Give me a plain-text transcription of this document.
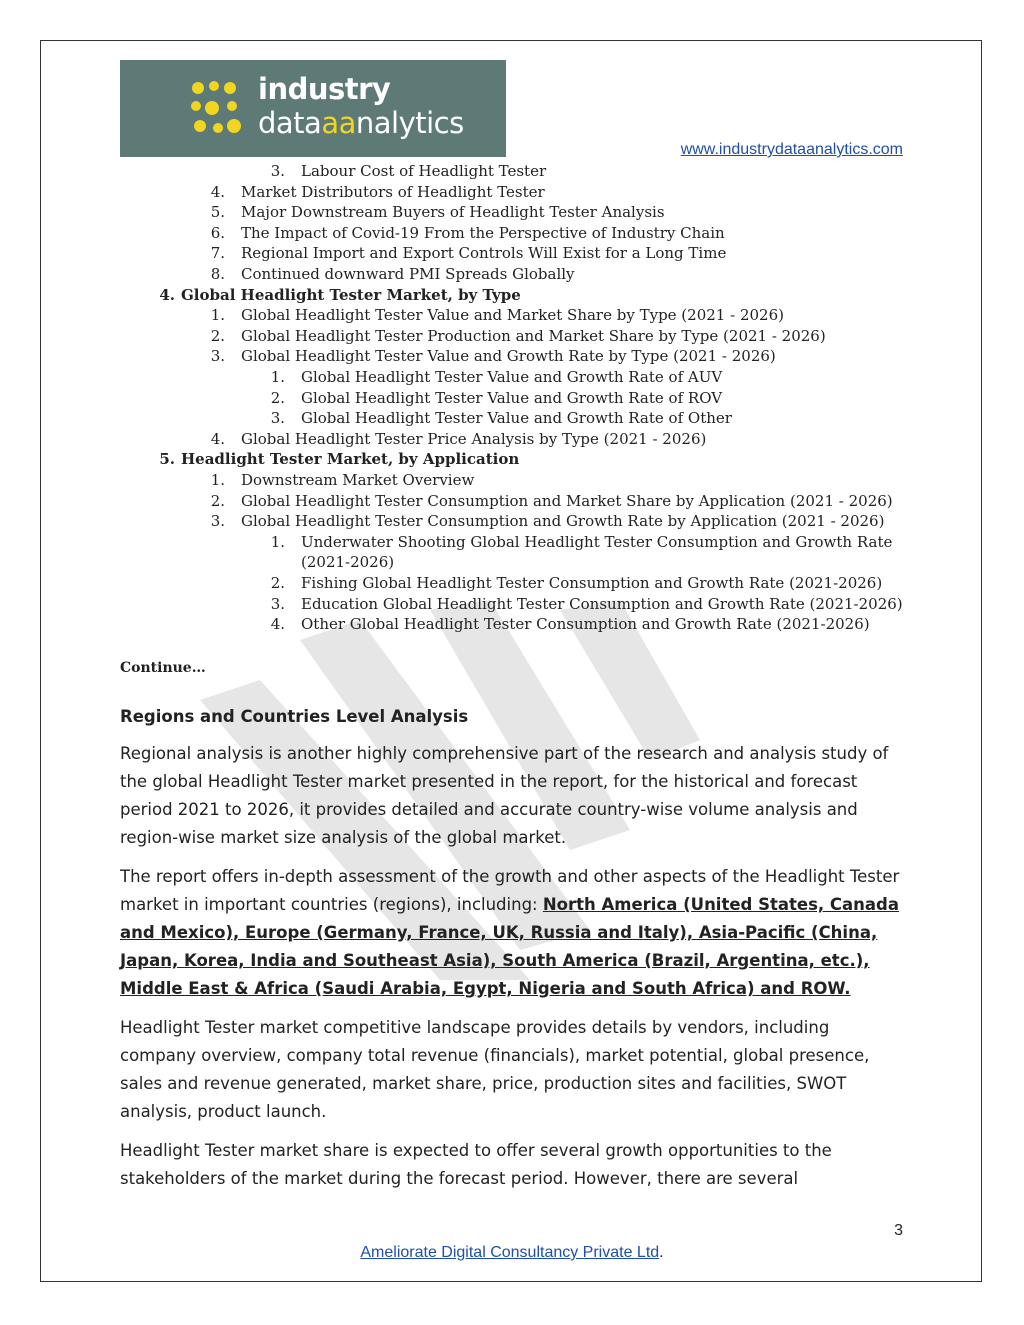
industry
dataaanalytics
www.industrydataanalytics.com
3. Labour Cost of Headlight Tester
4. Market Distributors of Headlight Tester
5. Major Downstream Buyers of Headlight Tester Analysis
6. The Impact of Covid-19 From the Perspective of Industry Chain
7. Regional Import and Export Controls Will Exist for a Long Time
8. Continued downward PMI Spreads Globally
4. Global Headlight Tester Market, by Type
1. Global Headlight Tester Value and Market Share by Type (2021 - 2026)
2. Global Headlight Tester Production and Market Share by Type (2021 - 2026)
3. Global Headlight Tester Value and Growth Rate by Type (2021 - 2026)
1. Global Headlight Tester Value and Growth Rate of AUV
2. Global Headlight Tester Value and Growth Rate of ROV
3. Global Headlight Tester Value and Growth Rate of Other
4. Global Headlight Tester Price Analysis by Type (2021 - 2026)
5. Headlight Tester Market, by Application
1. Downstream Market Overview
2. Global Headlight Tester Consumption and Market Share by Application (2021 - 2026)
3. Global Headlight Tester Consumption and Growth Rate by Application (2021 - 2026)
1. Underwater Shooting Global Headlight Tester Consumption and Growth Rate
(2021-2026)
2. Fishing Global Headlight Tester Consumption and Growth Rate (2021-2026)
3. Education Global Headlight Tester Consumption and Growth Rate (2021-2026)
4. Other Global Headlight Tester Consumption and Growth Rate (2021-2026)
Continue…
Regions and Countries Level Analysis
Regional analysis is another highly comprehensive part of the research and analysis study of the global Headlight Tester market presented in the report, for the historical and forecast period 2021 to 2026, it provides detailed and accurate country-wise volume analysis and region-wise market size analysis of the global market.
The report offers in-depth assessment of the growth and other aspects of the Headlight Tester market in important countries (regions), including: North America (United States, Canada and Mexico), Europe (Germany, France, UK, Russia and Italy), Asia-Pacific (China, Japan, Korea, India and Southeast Asia), South America (Brazil, Argentina, etc.), Middle East & Africa (Saudi Arabia, Egypt, Nigeria and South Africa) and ROW.
Headlight Tester market competitive landscape provides details by vendors, including company overview, company total revenue (financials), market potential, global presence, sales and revenue generated, market share, price, production sites and facilities, SWOT analysis, product launch.
Headlight Tester market share is expected to offer several growth opportunities to the stakeholders of the market during the forecast period. However, there are several
3
Ameliorate Digital Consultancy Private Ltd.
